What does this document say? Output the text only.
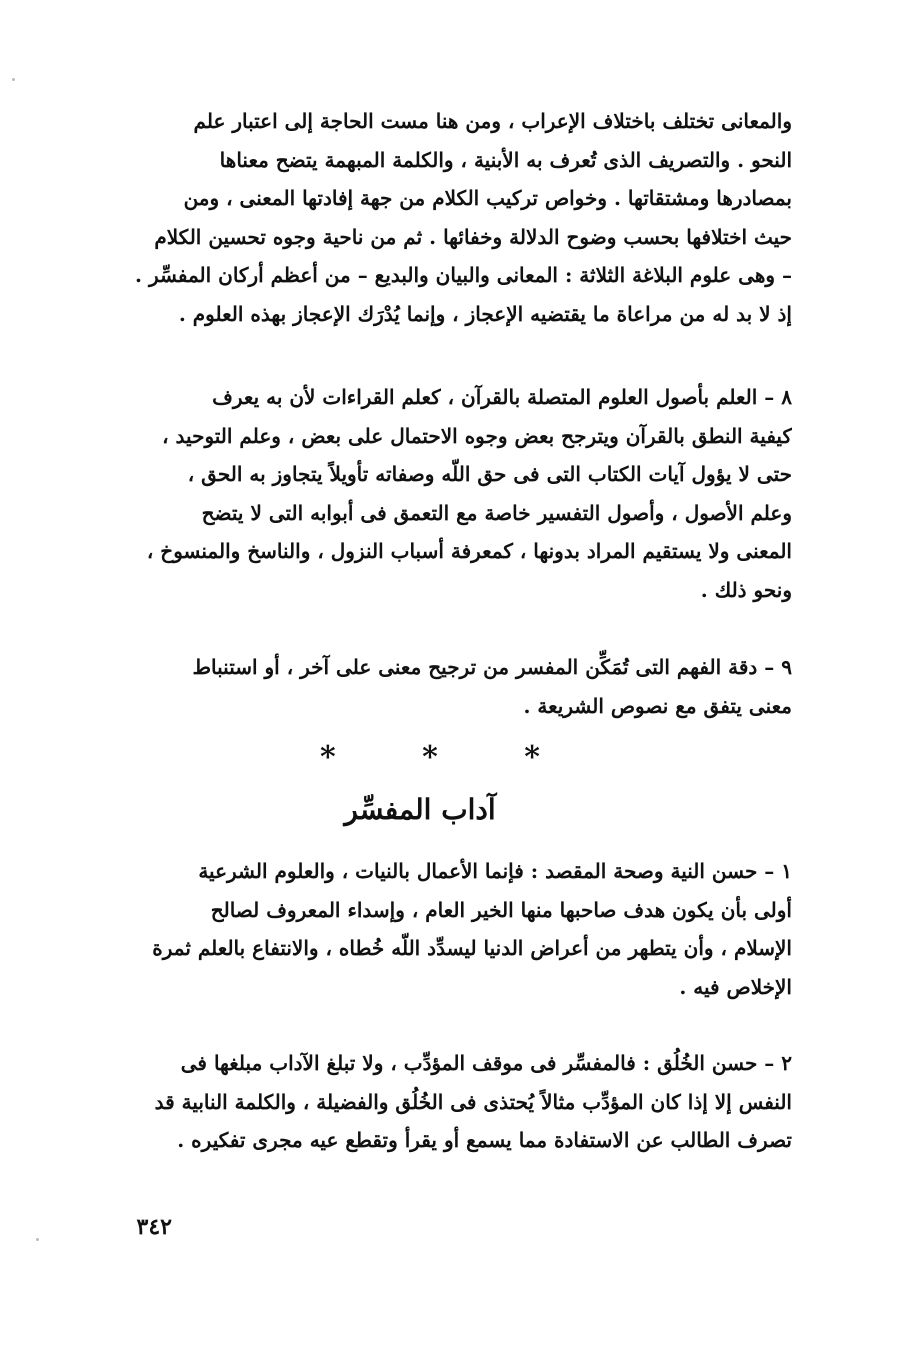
والمعانى تختلف باختلاف الإعراب ، ومن هنا مست الحاجة إلى اعتبار علم
النحو . والتصريف الذى تُعرف به الأبنية ، والكلمة المبهمة يتضح معناها
بمصادرها ومشتقاتها . وخواص تركيب الكلام من جهة إفادتها المعنى ، ومن
حيث اختلافها بحسب وضوح الدلالة وخفائها . ثم من ناحية وجوه تحسين الكلام
– وهى علوم البلاغة الثلاثة : المعانى والبيان والبديع – من أعظم أركان المفسِّر .
إذ لا بد له من مراعاة ما يقتضيه الإعجاز ، وإنما يُدْرَك الإعجاز بهذه العلوم .
٨ – العلم بأصول العلوم المتصلة بالقرآن ، كعلم القراءات لأن به يعرف
كيفية النطق بالقرآن ويترجح بعض وجوه الاحتمال على بعض ، وعلم التوحيد ،
حتى لا يؤول آيات الكتاب التى فى حق اللّه وصفاته تأويلاً يتجاوز به الحق ،
وعلم الأصول ، وأصول التفسير خاصة مع التعمق فى أبوابه التى لا يتضح
المعنى ولا يستقيم المراد بدونها ، كمعرفة أسباب النزول ، والناسخ والمنسوخ ،
ونحو ذلك .
٩ – دقة الفهم التى تُمَكِّن المفسر من ترجيح معنى على آخر ، أو استنباط
معنى يتفق مع نصوص الشريعة .
*
*
*
آداب المفسِّر
١ – حسن النية وصحة المقصد : فإنما الأعمال بالنيات ، والعلوم الشرعية
أولى بأن يكون هدف صاحبها منها الخير العام ، وإسداء المعروف لصالح
الإسلام ، وأن يتطهر من أعراض الدنيا ليسدِّد اللّه خُطاه ، والانتفاع بالعلم ثمرة
الإخلاص فيه .
٢ – حسن الخُلُق : فالمفسِّر فى موقف المؤدِّب ، ولا تبلغ الآداب مبلغها فى
النفس إلا إذا كان المؤدِّب مثالاً يُحتذى فى الخُلُق والفضيلة ، والكلمة النابية قد
تصرف الطالب عن الاستفادة مما يسمع أو يقرأ وتقطع عيه مجرى تفكيره .
٣٤٢
